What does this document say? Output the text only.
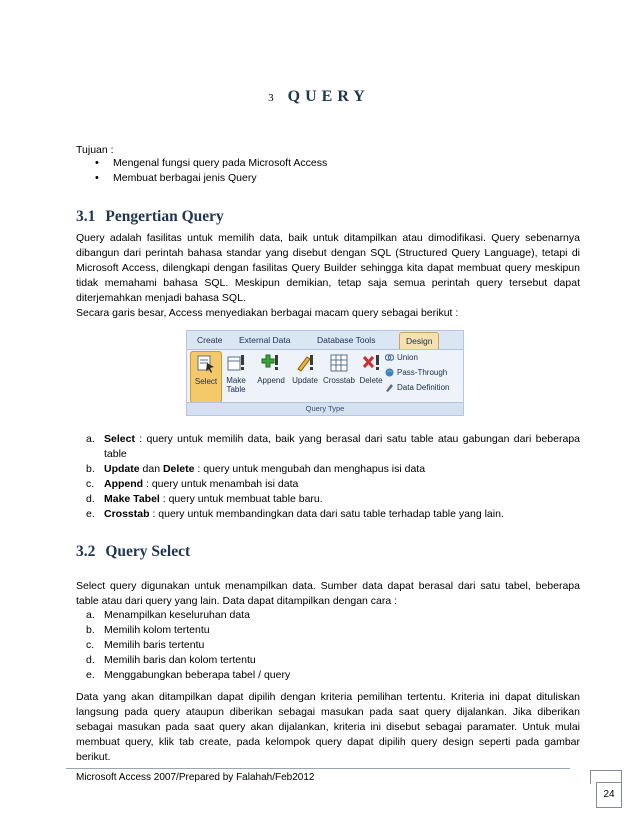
3 QUERY
Tujuan :
• Mengenal fungsi query pada Microsoft Access
• Membuat berbagai jenis Query
3.1 Pengertian Query

Query adalah fasilitas untuk memilih data, baik untuk ditampilkan atau dimodifikasi. Query sebenarnya dibangun dari perintah bahasa standar yang disebut dengan SQL (Structured Query Language), tetapi di Microsoft Access, dilengkapi dengan fasilitas Query Builder sehingga kita dapat membuat query meskipun tidak memahami bahasa SQL. Meskipun demikian, tetap saja semua perintah query tersebut dapat diterjemahkan menjadi bahasa SQL.

Secara garis besar, Access menyediakan berbagai macam query sebagai berikut :

Create External Data	Database Tools	Design
Select	Make Table
Append Update Crosstab Delete
Union
Pass-Through
Data Definition
Query Type
a. Select : query untuk memilih data, baik yang berasal dari satu table atau gabungan dari beberapa table
b. Update dan Delete : query untuk mengubah dan menghapus isi data
c. Append : query untuk menambah isi data
d. Make Tabel : query untuk membuat table baru.
e. Crosstab : query untuk membandingkan data dari satu table terhadap table yang lain.
3.2 Query Select
Select query digunakan untuk menampilkan data. Sumber data dapat berasal dari satu tabel, beberapa table atau dari query yang lain. Data dapat ditampilkan dengan cara :
a. Menampilkan keseluruhan data
b. Memilih kolom tertentu
c. Memilih baris tertentu
d. Memilih baris dan kolom tertentu
e. Menggabungkan beberapa tabel / query
Data yang akan ditampilkan dapat dipilih dengan kriteria pemilihan tertentu. Kriteria ini dapat dituliskan langsung pada query ataupun diberikan sebagai masukan pada saat query dijalankan. Jika diberikan sebagai masukan pada saat query akan dijalankan, kriteria ini disebut sebagai paramater. Untuk mulai membuat query, klik tab create, pada kelompok query dapat dipilih query design seperti pada gambar berikut.
Microsoft Access 2007/Prepared by Falahah/Feb2012
24
